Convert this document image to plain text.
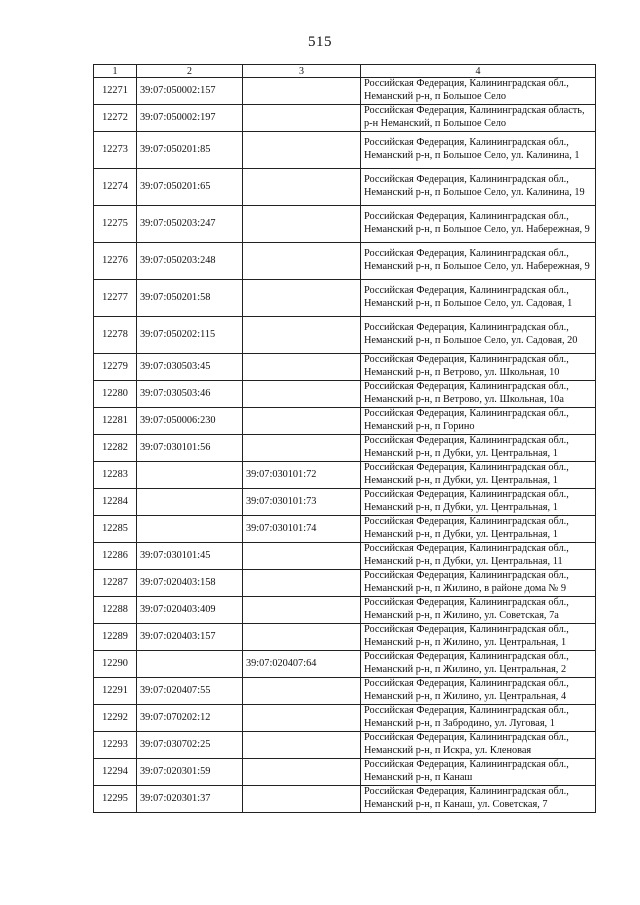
515
1	2	3	4
12271	39:07:050002:157		Российская Федерация, Калининградская обл., Неманский р-н, п Большое Село
12272	39:07:050002:197		Российская Федерация, Калининградская область, р-н Неманский, п Большое Село
12273	39:07:050201:85		Российская Федерация, Калининградская обл., Неманский р-н, п Большое Село, ул. Калинина, 1
12274	39:07:050201:65		Российская Федерация, Калининградская обл., Неманский р-н, п Большое Село, ул. Калинина, 19
12275	39:07:050203:247		Российская Федерация, Калининградская обл., Неманский р-н, п Большое Село, ул. Набережная, 9
12276	39:07:050203:248		Российская Федерация, Калининградская обл., Неманский р-н, п Большое Село, ул. Набережная, 9
12277	39:07:050201:58		Российская Федерация, Калининградская обл., Неманский р-н, п Большое Село, ул. Садовая, 1
12278	39:07:050202:115		Российская Федерация, Калининградская обл., Неманский р-н, п Большое Село, ул. Садовая, 20
12279	39:07:030503:45		Российская Федерация, Калининградская обл., Неманский р-н, п Ветрово, ул. Школьная, 10
12280	39:07:030503:46		Российская Федерация, Калининградская обл., Неманский р-н, п Ветрово, ул. Школьная, 10а
12281	39:07:050006:230		Российская Федерация, Калининградская обл., Неманский р-н, п Горино
12282	39:07:030101:56		Российская Федерация, Калининградская обл., Неманский р-н, п Дубки, ул. Центральная, 1
12283		39:07:030101:72	Российская Федерация, Калининградская обл., Неманский р-н, п Дубки, ул. Центральная, 1
12284		39:07:030101:73	Российская Федерация, Калининградская обл., Неманский р-н, п Дубки, ул. Центральная, 1
12285		39:07:030101:74	Российская Федерация, Калининградская обл., Неманский р-н, п Дубки, ул. Центральная, 1
12286	39:07:030101:45		Российская Федерация, Калининградская обл., Неманский р-н, п Дубки, ул. Центральная, 11
12287	39:07:020403:158		Российская Федерация, Калининградская обл., Неманский р-н, п Жилино, в районе дома № 9
12288	39:07:020403:409		Российская Федерация, Калининградская обл., Неманский р-н, п Жилино, ул. Советская, 7а
12289	39:07:020403:157		Российская Федерация, Калининградская обл., Неманский р-н, п Жилино, ул. Центральная, 1
12290		39:07:020407:64	Российская Федерация, Калининградская обл., Неманский р-н, п Жилино, ул. Центральная, 2
12291	39:07:020407:55		Российская Федерация, Калининградская обл., Неманский р-н, п Жилино, ул. Центральная, 4
12292	39:07:070202:12		Российская Федерация, Калининградская обл., Неманский р-н, п Забродино, ул. Луговая, 1
12293	39:07:030702:25		Российская Федерация, Калининградская обл., Неманский р-н, п Искра, ул. Кленовая
12294	39:07:020301:59		Российская Федерация, Калининградская обл., Неманский р-н, п Канаш
12295	39:07:020301:37		Российская Федерация, Калининградская обл., Неманский р-н, п Канаш, ул. Советская, 7
